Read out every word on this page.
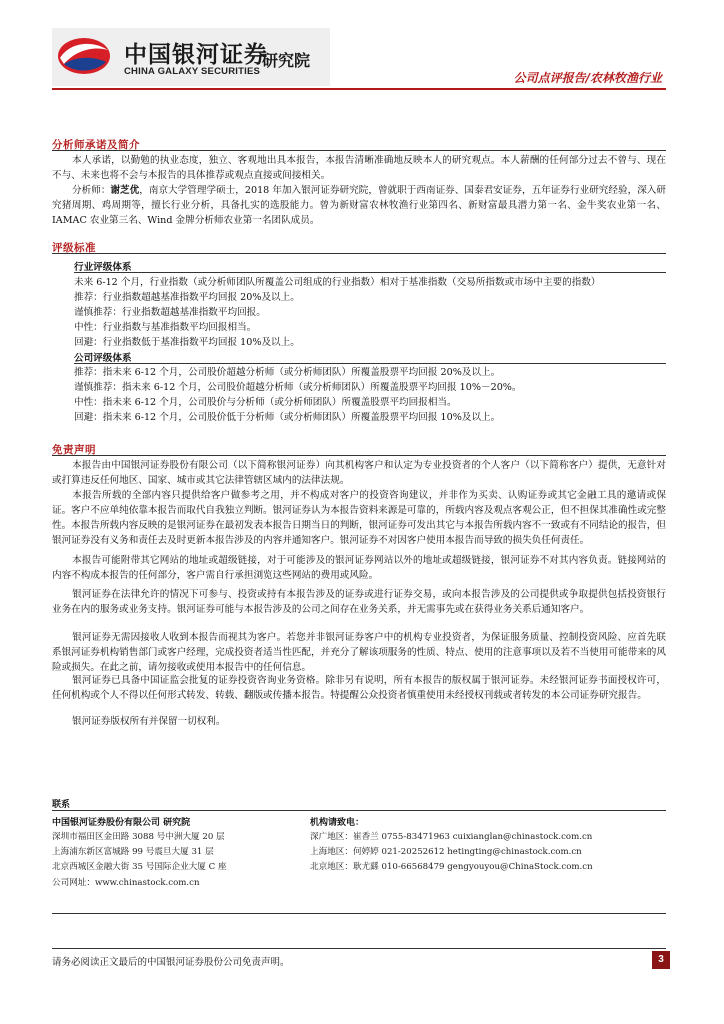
中国银河证券
CHINA GALAXY SECURITIES
研究院
公司点评报告/农林牧渔行业
分析师承诺及简介

本人承诺，以勤勉的执业态度，独立、客观地出具本报告，本报告清晰准确地反映本人的研究观点。本人薪酬的任何部分过去不曾与、现在不与、未来也将不会与本报告的具体推荐或观点直接或间接相关。

分析师：谢芝优，南京大学管理学硕士，2018 年加入银河证券研究院，曾就职于西南证券、国泰君安证券，五年证券行业研究经验，深入研究猪周期、鸡周期等，擅长行业分析，具备扎实的选股能力。曾为新财富农林牧渔行业第四名、新财富最具潜力第一名、金牛奖农业第一名、IAMAC 农业第三名、Wind 金牌分析师农业第一名团队成员。

评级标准
行业评级体系
未来 6-12 个月，行业指数（或分析师团队所覆盖公司组成的行业指数）相对于基准指数（交易所指数或市场中主要的指数）
推荐：行业指数超越基准指数平均回报 20%及以上。
谨慎推荐：行业指数超越基准指数平均回报。
中性：行业指数与基准指数平均回报相当。
回避：行业指数低于基准指数平均回报 10%及以上。
公司评级体系
推荐：指未来 6-12 个月，公司股价超越分析师（或分析师团队）所覆盖股票平均回报 20%及以上。
谨慎推荐：指未来 6-12 个月，公司股价超越分析师（或分析师团队）所覆盖股票平均回报 10%－20%。
中性：指未来 6-12 个月，公司股价与分析师（或分析师团队）所覆盖股票平均回报相当。
回避：指未来 6-12 个月，公司股价低于分析师（或分析师团队）所覆盖股票平均回报 10%及以上。
免责声明

本报告由中国银河证券股份有限公司（以下简称银河证券）向其机构客户和认定为专业投资者的个人客户（以下简称客户）提供，无意针对或打算违反任何地区、国家、城市或其它法律管辖区域内的法律法规。

本报告所载的全部内容只提供给客户做参考之用，并不构成对客户的投资咨询建议，并非作为买卖、认购证券或其它金融工具的邀请或保证。客户不应单纯依靠本报告而取代自我独立判断。银河证券认为本报告资料来源是可靠的，所载内容及观点客观公正，但不担保其准确性或完整性。本报告所载内容反映的是银河证券在最初发表本报告日期当日的判断，银河证券可发出其它与本报告所载内容不一致或有不同结论的报告，但银河证券没有义务和责任去及时更新本报告涉及的内容并通知客户。银河证券不对因客户使用本报告而导致的损失负任何责任。

本报告可能附带其它网站的地址或超级链接，对于可能涉及的银河证券网站以外的地址或超级链接，银河证券不对其内容负责。链接网站的内容不构成本报告的任何部分，客户需自行承担浏览这些网站的费用或风险。

银河证券在法律允许的情况下可参与、投资或持有本报告涉及的证券或进行证券交易，或向本报告涉及的公司提供或争取提供包括投资银行业务在内的服务或业务支持。银河证券可能与本报告涉及的公司之间存在业务关系，并无需事先或在获得业务关系后通知客户。

银河证券无需因接收人收到本报告而视其为客户。若您并非银河证券客户中的机构专业投资者，为保证服务质量、控制投资风险、应首先联系银河证券机构销售部门或客户经理，完成投资者适当性匹配，并充分了解该项服务的性质、特点、使用的注意事项以及若不当使用可能带来的风险或损失。在此之前，请勿接收或使用本报告中的任何信息。

银河证券已具备中国证监会批复的证券投资咨询业务资格。除非另有说明，所有本报告的版权属于银河证券。未经银河证券书面授权许可，任何机构或个人不得以任何形式转发、转载、翻版或传播本报告。特提醒公众投资者慎重使用未经授权刊载或者转发的本公司证券研究报告。

银河证券版权所有并保留一切权利。

联系
中国银河证券股份有限公司 研究院
深圳市福田区金田路 3088 号中洲大厦 20 层
上海浦东新区富城路 99 号震旦大厦 31 层
北京西城区金融大街 35 号国际企业大厦 C 座
公司网址：www.chinastock.com.cn
机构请致电：
深广地区：崔香兰 0755-83471963 cuixianglan@chinastock.com.cn
上海地区：何婷婷 021-20252612 hetingting@chinastock.com.cn
北京地区：耿尤繇 010-66568479 gengyouyou@ChinaStock.com.cn
请务必阅读正文最后的中国银河证券股份公司免责声明。	3
